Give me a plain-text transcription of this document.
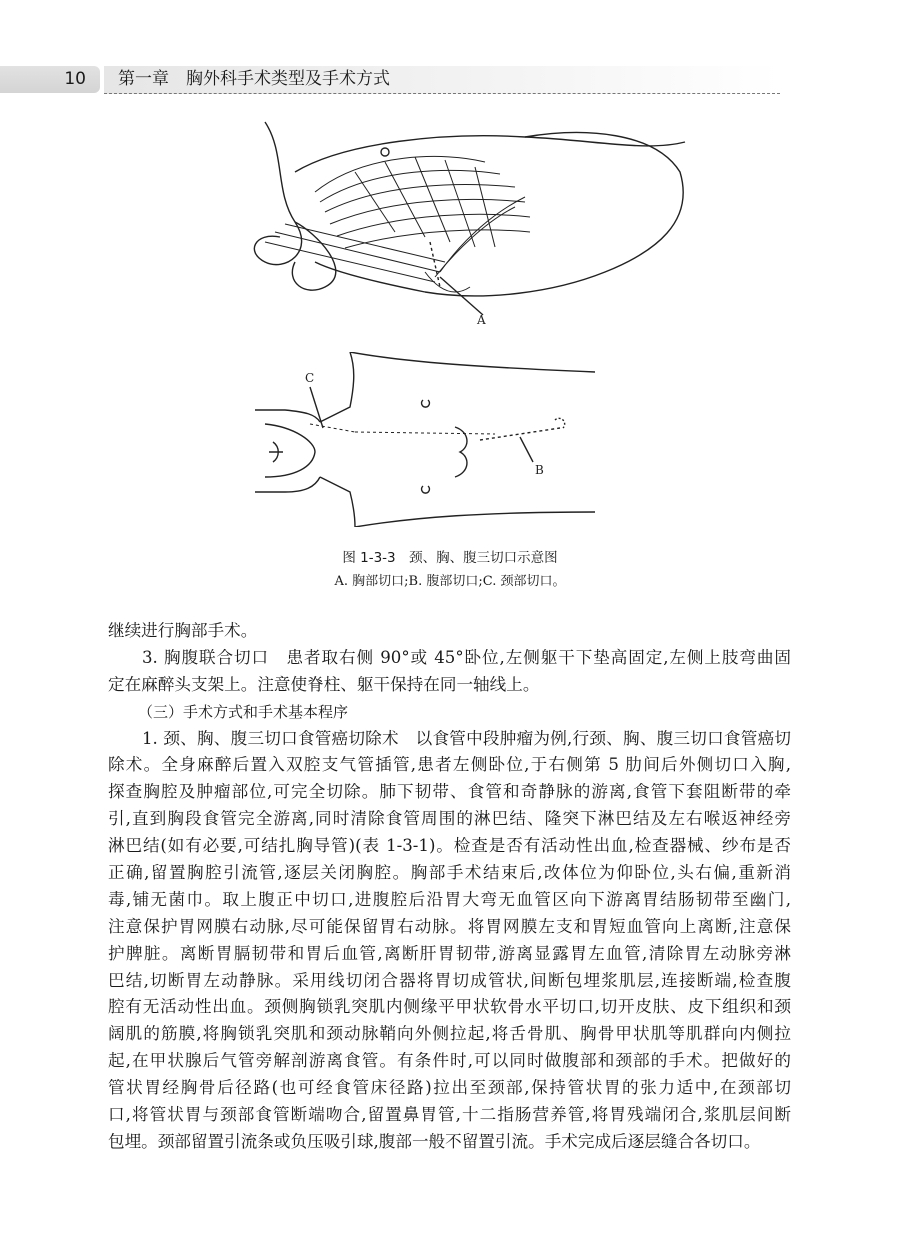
10 第一章　胸外科手术类型及手术方式
A
C
B
图 1-3-3　颈、胸、腹三切口示意图
A. 胸部切口;B. 腹部切口;C. 颈部切口。
继续进行胸部手术。
3. 胸腹联合切口　患者取右侧 90°或 45°卧位,左侧躯干下垫高固定,左侧上肢弯曲固
定在麻醉头支架上。注意使脊柱、躯干保持在同一轴线上。
（三）手术方式和手术基本程序
1. 颈、胸、腹三切口食管癌切除术　以食管中段肿瘤为例,行颈、胸、腹三切口食管癌切
除术。全身麻醉后置入双腔支气管插管,患者左侧卧位,于右侧第 5 肋间后外侧切口入胸,
探查胸腔及肿瘤部位,可完全切除。肺下韧带、食管和奇静脉的游离,食管下套阻断带的牵
引,直到胸段食管完全游离,同时清除食管周围的淋巴结、隆突下淋巴结及左右喉返神经旁
淋巴结(如有必要,可结扎胸导管)(表 1-3-1)。检查是否有活动性出血,检查器械、纱布是否
正确,留置胸腔引流管,逐层关闭胸腔。胸部手术结束后,改体位为仰卧位,头右偏,重新消
毒,铺无菌巾。取上腹正中切口,进腹腔后沿胃大弯无血管区向下游离胃结肠韧带至幽门,
注意保护胃网膜右动脉,尽可能保留胃右动脉。将胃网膜左支和胃短血管向上离断,注意保
护脾脏。离断胃膈韧带和胃后血管,离断肝胃韧带,游离显露胃左血管,清除胃左动脉旁淋
巴结,切断胃左动静脉。采用线切闭合器将胃切成管状,间断包埋浆肌层,连接断端,检查腹
腔有无活动性出血。颈侧胸锁乳突肌内侧缘平甲状软骨水平切口,切开皮肤、皮下组织和颈
阔肌的筋膜,将胸锁乳突肌和颈动脉鞘向外侧拉起,将舌骨肌、胸骨甲状肌等肌群向内侧拉
起,在甲状腺后气管旁解剖游离食管。有条件时,可以同时做腹部和颈部的手术。把做好的
管状胃经胸骨后径路(也可经食管床径路)拉出至颈部,保持管状胃的张力适中,在颈部切
口,将管状胃与颈部食管断端吻合,留置鼻胃管,十二指肠营养管,将胃残端闭合,浆肌层间断
包埋。颈部留置引流条或负压吸引球,腹部一般不留置引流。手术完成后逐层缝合各切口。
